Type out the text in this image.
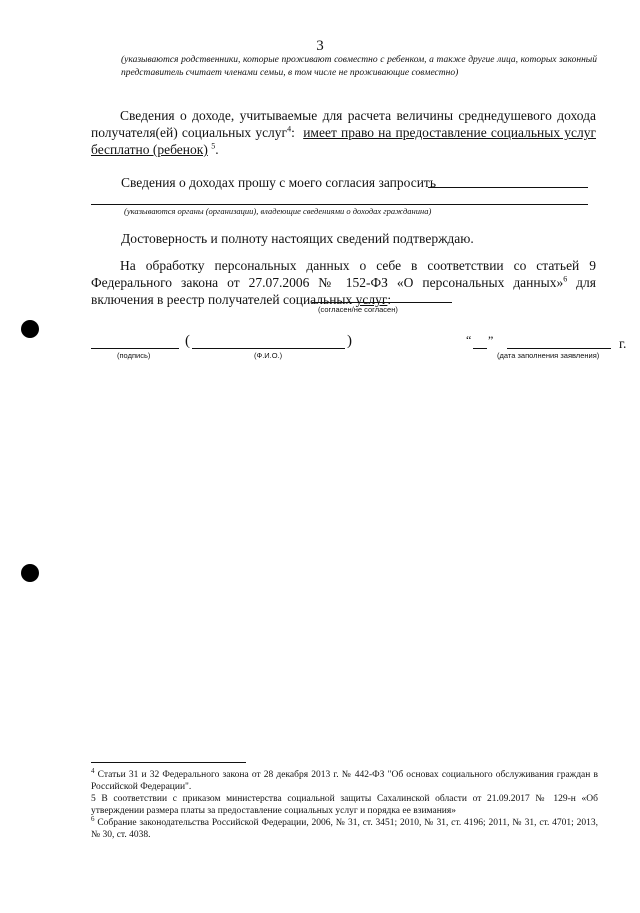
3
(указываются родственники, которые проживают совместно с ребенком, а также другие лица, которых законный представитель считает членами семьи, в том числе не проживающие совместно)
Сведения о доходе, учитываемые для расчета величины среднедушевого дохода получателя(ей) социальных услуг$^4$: имеет право на предоставление социальных услуг бесплатно (ребенок) $^5$.
Сведения о доходах прошу с моего согласия запросить
(указываются органы (организации), владеющие сведениями о доходах гражданина)
Достоверность и полноту настоящих сведений подтверждаю.
На обработку персональных данных о себе в соответствии со статьей 9 Федерального закона от 27.07.2006 № 152-ФЗ «О персональных данных»$^6$ для включения в реестр получателей социальных услуг:
(согласен/не согласен)
(	)
(подпись)	(Ф.И.О.)
“ ”	г.
(дата заполнения заявления)
$^4$ Статьи 31 и 32 Федерального закона от 28 декабря 2013 г. № 442-ФЗ "Об основах социального обслуживания граждан в Российской Федерации".
5 В соответствии с приказом министерства социальной защиты Сахалинской области от 21.09.2017 № 129-н «Об утверждении размера платы за предоставление социальных услуг и порядка ее взимания»
$^6$ Собрание законодательства Российской Федерации, 2006, № 31, ст. 3451; 2010, № 31, ст. 4196; 2011, № 31, ст. 4701; 2013, № 30, ст. 4038.
